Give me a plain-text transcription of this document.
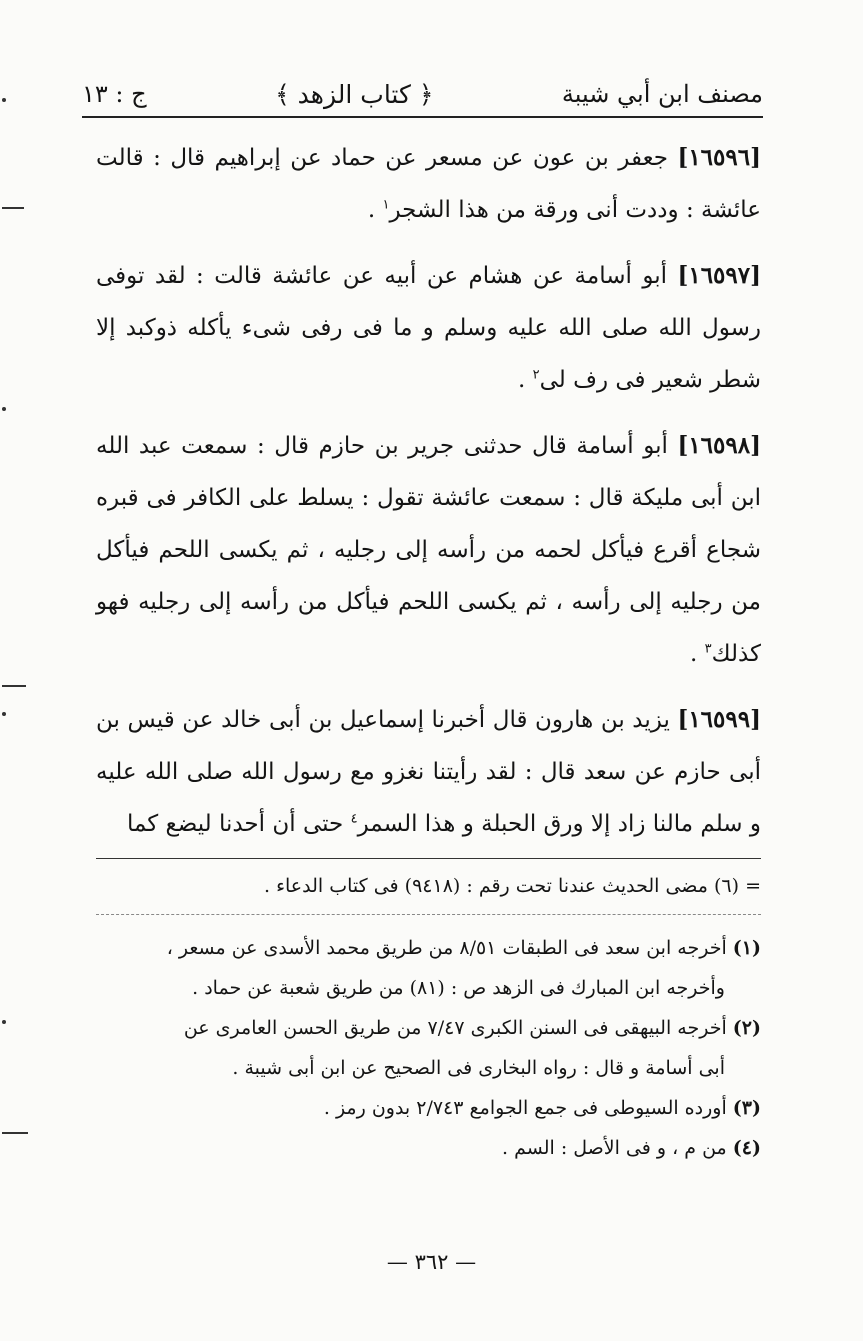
مصنف ابن أبي شيبة
﴿ كتاب الزهد ﴾
ج : ١٣

[١٦٥٩٦] جعفر بن عون عن مسعر عن حماد عن إبراهيم قال : قالت عائشة : وددت أنى ورقة من هذا الشجر$^١$ .

[١٦٥٩٧] أبو أسامة عن هشام عن أبيه عن عائشة قالت : لقد توفى رسول الله صلى الله عليه وسلم و ما فى رفى شىء يأكله ذوكبد إلا شطر شعير فى رف لى$^٢$ .

[١٦٥٩٨] أبو أسامة قال حدثنى جرير بن حازم قال : سمعت عبد الله ابن أبى مليكة قال : سمعت عائشة تقول : يسلط على الكافر فى قبره شجاع أقرع فيأكل لحمه من رأسه إلى رجليه ، ثم يكسى اللحم فيأكل من رجليه إلى رأسه ، ثم يكسى اللحم فيأكل من رأسه إلى رجليه فهو كذلك$^٣$ .

[١٦٥٩٩] يزيد بن هارون قال أخبرنا إسماعيل بن أبى خالد عن قيس بن أبى حازم عن سعد قال : لقد رأيتنا نغزو مع رسول الله صلى الله عليه و سلم مالنا زاد إلا ورق الحبلة و هذا السمر$^٤$ حتى أن أحدنا ليضع كما

= (٦) مضى الحديث عندنا تحت رقم : (٩٤١٨) فى كتاب الدعاء .
(١) أخرجه ابن سعد فى الطبقات ٨/٥١ من طريق محمد الأسدى عن مسعر ،
وأخرجه ابن المبارك فى الزهد ص : (٨١) من طريق شعبة عن حماد .
(٢) أخرجه البيهقى فى السنن الكبرى ٧/٤٧ من طريق الحسن العامرى عن
أبى أسامة و قال : رواه البخارى فى الصحيح عن ابن أبى شيبة .
(٣) أورده السيوطى فى جمع الجوامع ٢/٧٤٣ بدون رمز .
(٤) من م ، و فى الأصل : السم .
— ٣٦٢ —
